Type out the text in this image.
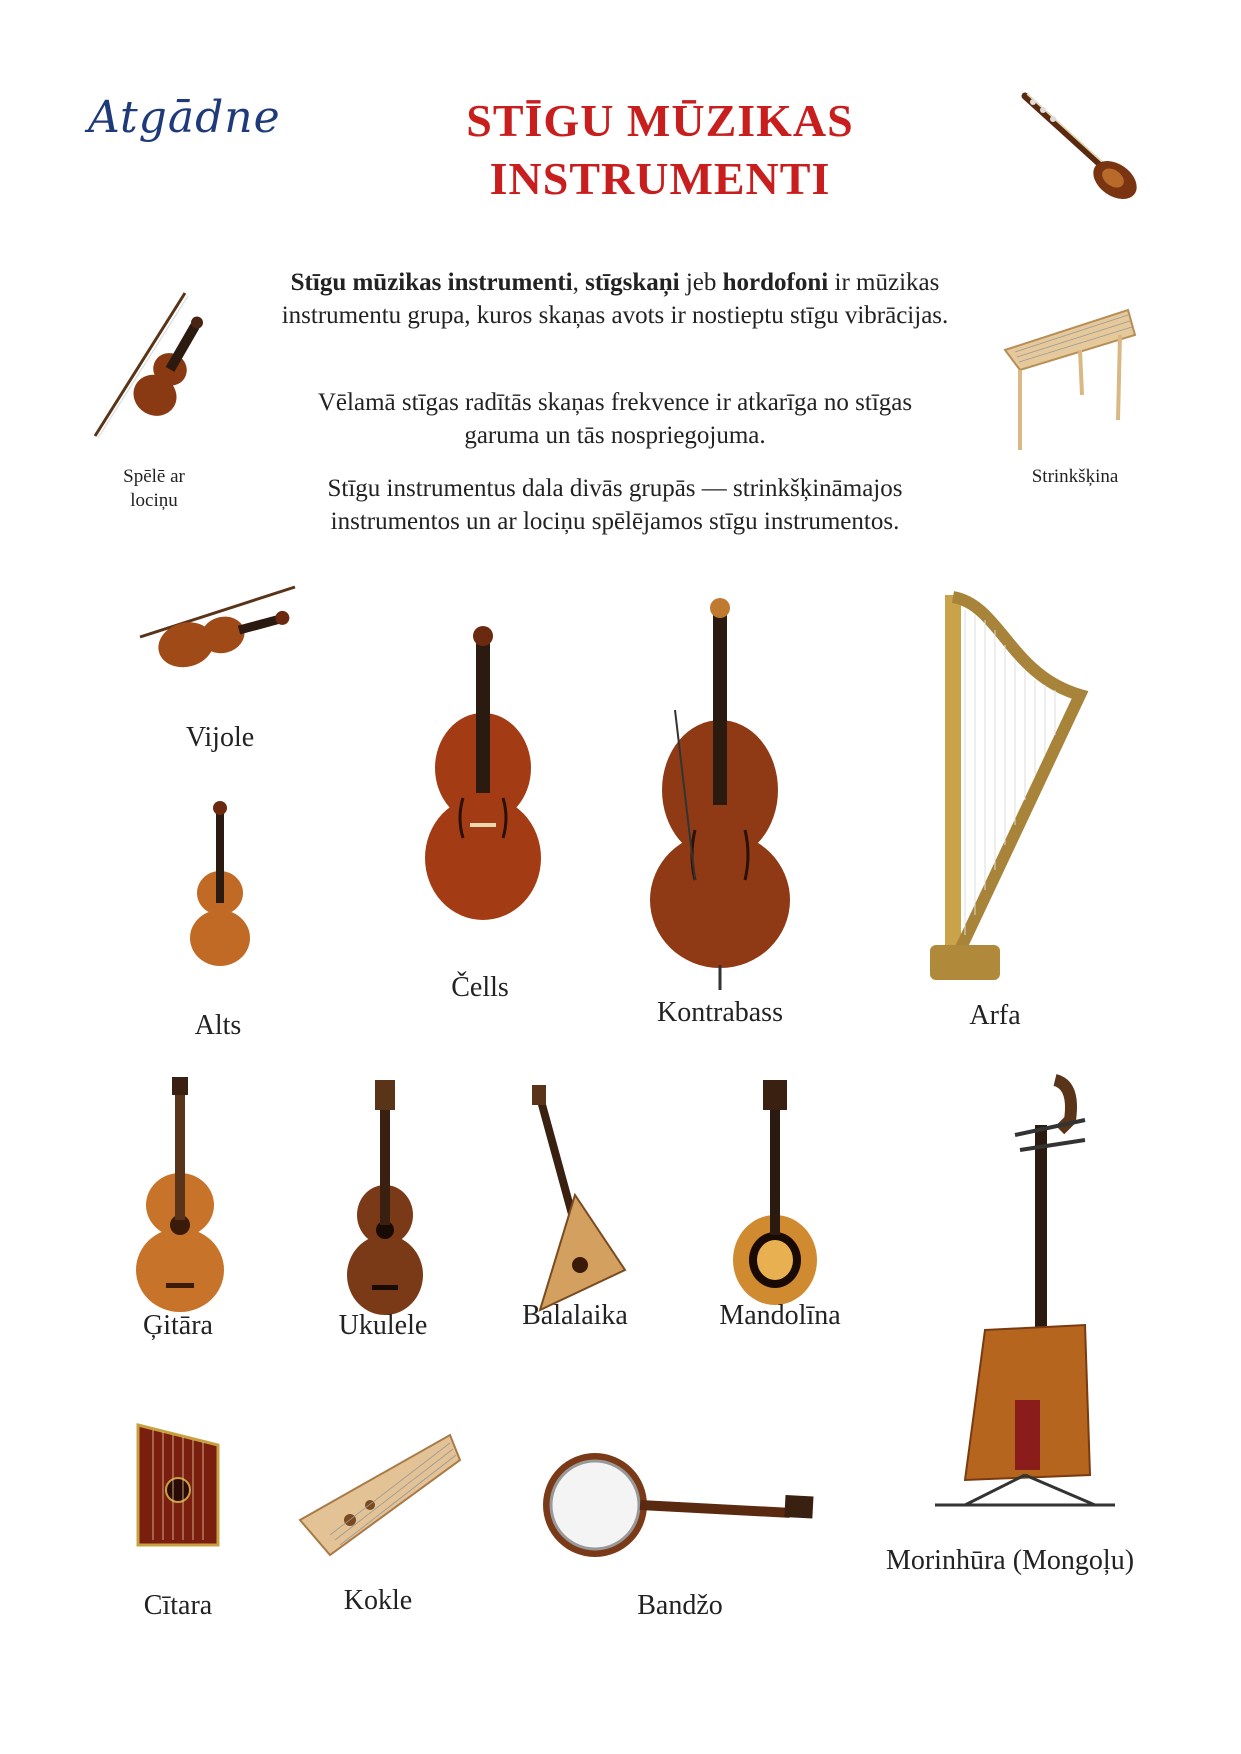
Atgādne	STĪGU MŪZIKAS
INSTRUMENTI
Stīgu mūzikas instrumenti, stīgskaņi jeb hordofoni ir mūzikas instrumentu grupa, kuros skaņas avots ir nostieptu stīgu vibrācijas.
Vēlamā stīgas radītās skaņas frekvence ir atkarīga no stīgas garuma un tās nospriegojuma.
Stīgu instrumentus dala divās grupās — strinkšķināmajos instrumentos un ar lociņu spēlējamos stīgu instrumentos.
Spēlē ar lociņu
Strinkšķina
Vijole
Alts
Čells
Kontrabass	Arfa
Ģitāra	Ukulele	Balalaika	Mandolīna
Morinhūra (Mongoļu)
Cītara	Kokle	Bandžo
